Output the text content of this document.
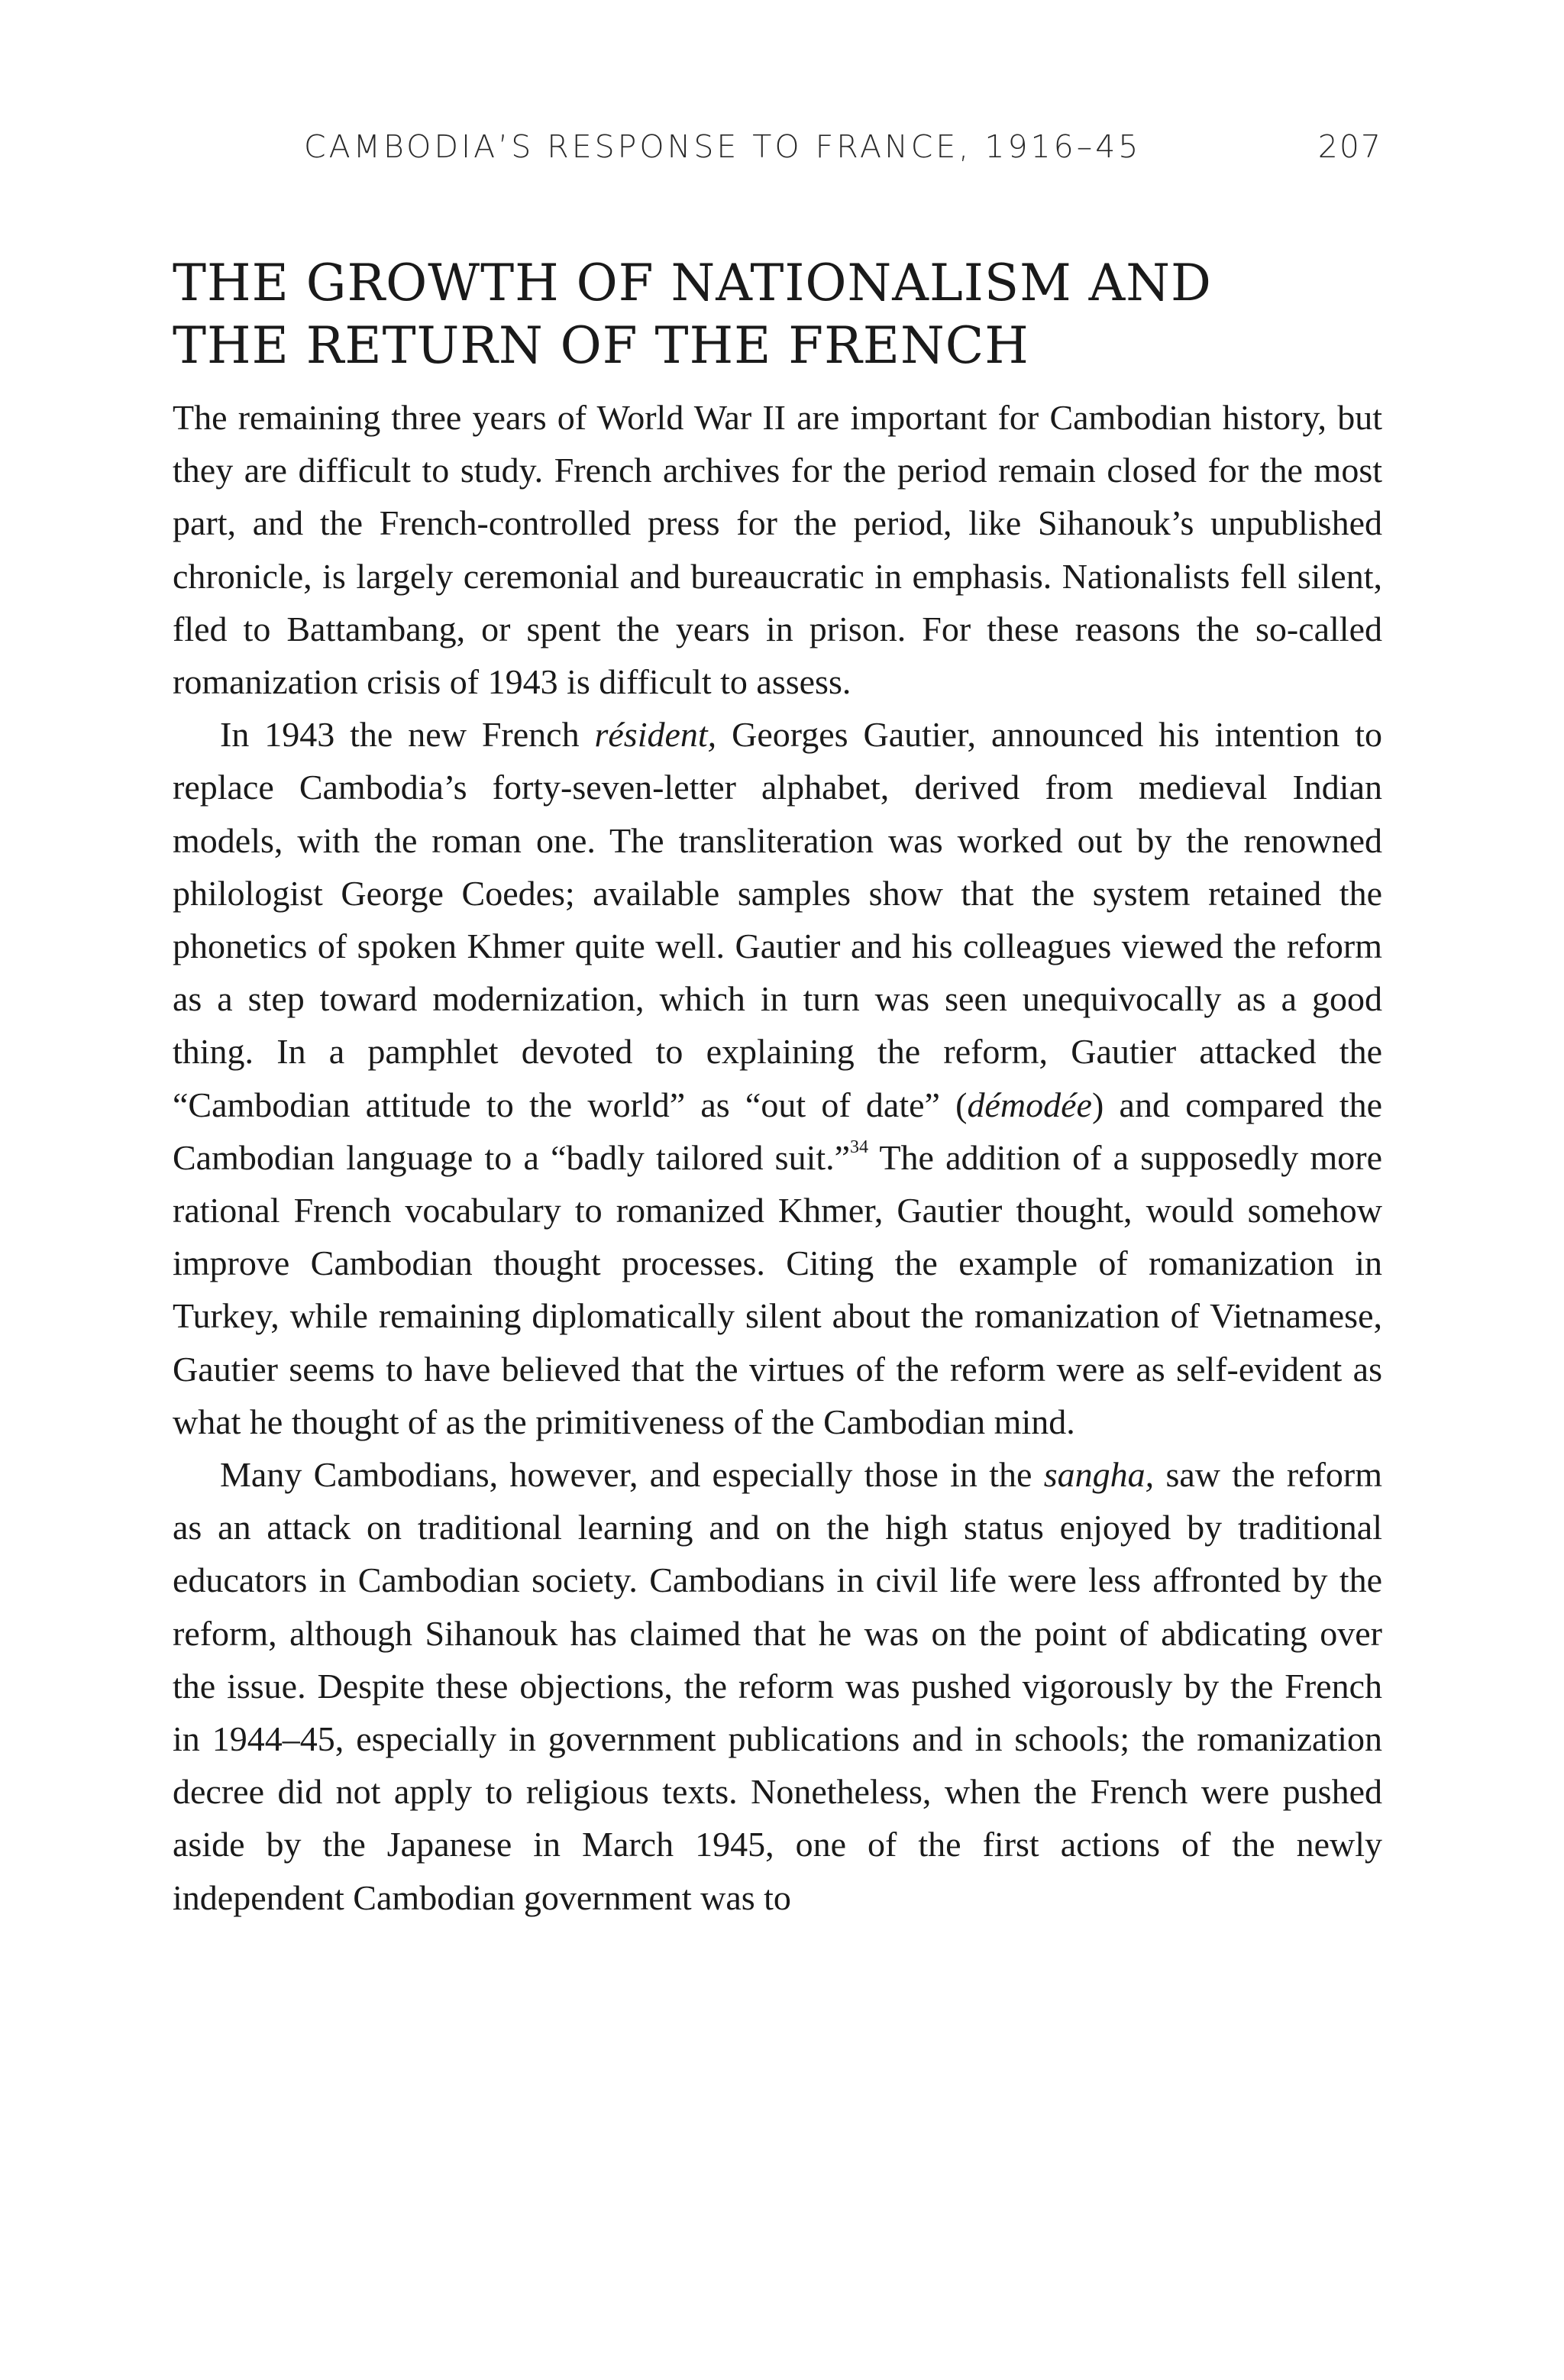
CAMBODIA’S RESPONSE TO FRANCE, 1916–45	207
THE GROWTH OF NATIONALISM AND
THE RETURN OF THE FRENCH

The remaining three years of World War II are important for Cambodian history, but they are difficult to study. French archives for the period remain closed for the most part, and the French-controlled press for the period, like Sihanouk’s unpublished chronicle, is largely ceremonial and bureaucratic in emphasis. Nationalists fell silent, fled to Battambang, or spent the years in prison. For these reasons the so-called romanization crisis of 1943 is difficult to assess.

In 1943 the new French résident, Georges Gautier, announced his intention to replace Cambodia’s forty-seven-letter alphabet, derived from medieval Indian models, with the roman one. The transliteration was worked out by the renowned philologist George Coedes; available samples show that the system retained the phonetics of spoken Khmer quite well. Gautier and his colleagues viewed the reform as a step toward modernization, which in turn was seen unequivocally as a good thing. In a pamphlet devoted to explaining the reform, Gautier attacked the “Cambodian attitude to the world” as “out of date” (démodée) and compared the Cambodian language to a “badly tailored suit.”$^{34}$ The addition of a supposedly more rational French vocabulary to romanized Khmer, Gautier thought, would somehow improve Cambodian thought processes. Citing the example of romanization in Turkey, while remaining diplomatically silent about the romanization of Vietnamese, Gautier seems to have believed that the virtues of the reform were as self-evident as what he thought of as the primitiveness of the Cambodian mind.

Many Cambodians, however, and especially those in the sangha, saw the reform as an attack on traditional learning and on the high status enjoyed by traditional educators in Cambodian society. Cambodians in civil life were less affronted by the reform, although Sihanouk has claimed that he was on the point of abdicating over the issue. Despite these objections, the reform was pushed vigorously by the French in 1944–45, especially in government publications and in schools; the romanization decree did not apply to religious texts. Nonetheless, when the French were pushed aside by the Japanese in March 1945, one of the first actions of the newly independent Cambodian government was to
